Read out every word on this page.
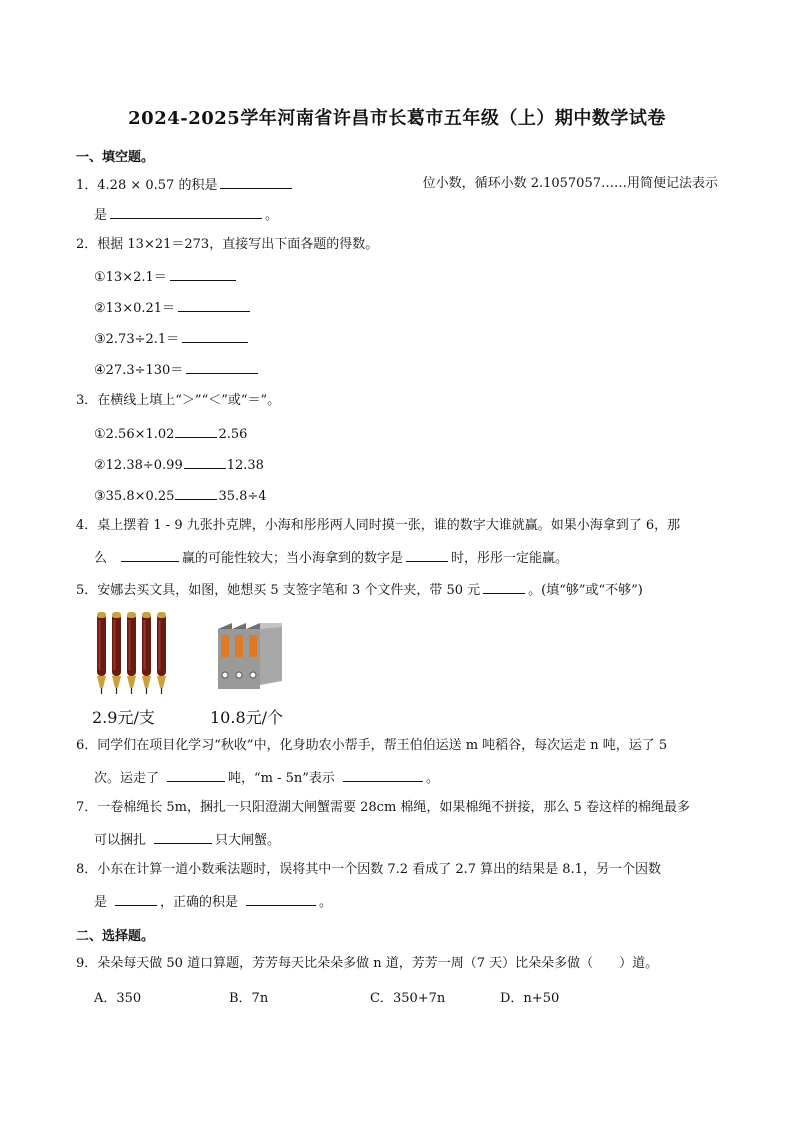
2024-2025学年河南省许昌市长葛市五年级（上）期中数学试卷
一、填空题。
1．4.28 × 0.57 的积是	位小数，循环小数 2.1057057……用简便记法表示
是	。
2．根据 13×21＝273，直接写出下面各题的得数。
①13×2.1＝
②13×0.21＝
③2.73÷2.1＝
④27.3÷130＝
3．在横线上填上“＞”“＜”或“＝”。
①2.56×1.02	2.56
②12.38÷0.99	12.38
③35.8×0.25	35.8÷4
4．桌上摆着 1 - 9 九张扑克牌，小海和彤彤两人同时摸一张，谁的数字大谁就赢。如果小海拿到了 6，那
么	赢的可能性较大；当小海拿到的数字是	时，彤彤一定能赢。
5．安娜去买文具，如图，她想买 5 支签字笔和 3 个文件夹，带 50 元	。(填“够”或“不够”)
2.9元/支	10.8元/个
6．同学们在项目化学习“秋收”中，化身助农小帮手，帮王伯伯运送 m 吨稻谷，每次运走 n 吨，运了 5
次。运走了	吨，“m - 5n”表示	。
7．一卷棉绳长 5m，捆扎一只阳澄湖大闸蟹需要 28cm 棉绳，如果棉绳不拼接，那么 5 卷这样的棉绳最多
可以捆扎	只大闸蟹。
8．小东在计算一道小数乘法题时，误将其中一个因数 7.2 看成了 2.7 算出的结果是 8.1，另一个因数
是	，正确的积是	。
二、选择题。
9．朵朵每天做 50 道口算题，芳芳每天比朵朵多做 n 道，芳芳一周（7 天）比朵朵多做（　　）道。
A．350	B．7n	C．350+7n	D．n+50
